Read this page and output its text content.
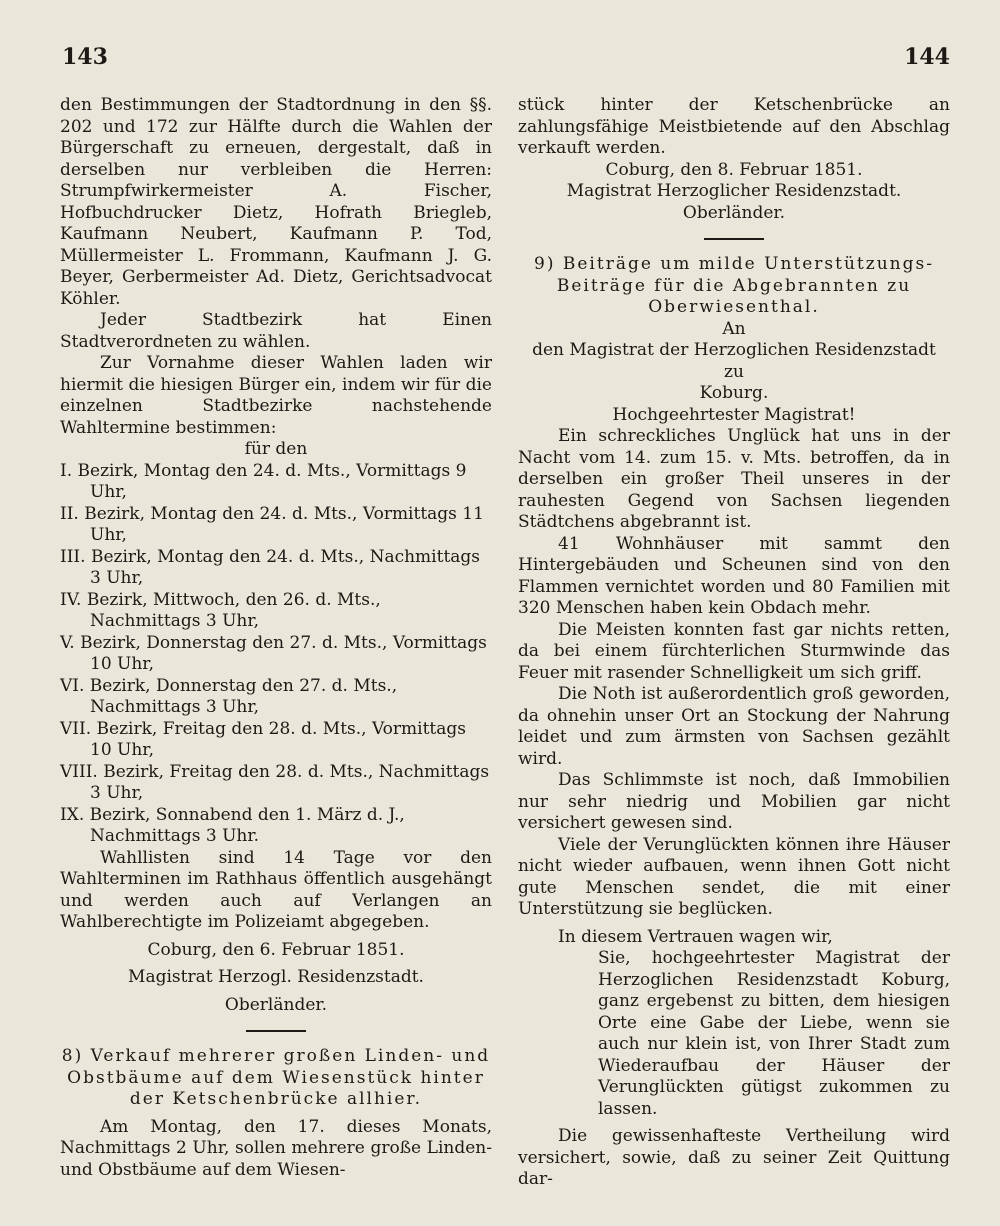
143	144

den Bestimmungen der Stadtordnung in den §§. 202 und 172 zur Hälfte durch die Wahlen der Bürgerschaft zu erneuen, dergestalt, daß in derselben nur verbleiben die Herren: Strumpfwirkermeister A. Fischer, Hofbuchdrucker Dietz, Hofrath Briegleb, Kaufmann Neubert, Kaufmann P. Tod, Müllermeister L. Frommann, Kaufmann J. G. Beyer, Gerbermeister Ad. Dietz, Gerichtsadvocat Köhler.

Jeder Stadtbezirk hat Einen Stadtverordneten zu wählen.

Zur Vornahme dieser Wahlen laden wir hiermit die hiesigen Bürger ein, indem wir für die einzelnen Stadtbezirke nachstehende Wahltermine bestimmen:

für den

I. Bezirk, Montag den 24. d. Mts., Vormittags 9 Uhr,

II. Bezirk, Montag den 24. d. Mts., Vormittags 11 Uhr,

III. Bezirk, Montag den 24. d. Mts., Nachmittags 3 Uhr,

IV. Bezirk, Mittwoch, den 26. d. Mts., Nachmittags 3 Uhr,

V. Bezirk, Donnerstag den 27. d. Mts., Vormittags 10 Uhr,

VI. Bezirk, Donnerstag den 27. d. Mts., Nachmittags 3 Uhr,

VII. Bezirk, Freitag den 28. d. Mts., Vormittags 10 Uhr,

VIII. Bezirk, Freitag den 28. d. Mts., Nachmittags 3 Uhr,

IX. Bezirk, Sonnabend den 1. März d. J., Nachmittags 3 Uhr.

Wahllisten sind 14 Tage vor den Wahlterminen im Rathhaus öffentlich ausgehängt und werden auch auf Verlangen an Wahlberechtigte im Polizeiamt abgegeben.

Coburg, den 6. Februar 1851.

Magistrat Herzogl. Residenzstadt.

Oberländer.

8) Verkauf mehrerer großen Linden- und Obstbäume auf dem Wiesenstück hinter der Ketschenbrücke allhier.

Am Montag, den 17. dieses Monats, Nachmittags 2 Uhr, sollen mehrere große Linden- und Obstbäume auf dem Wiesen-

stück hinter der Ketschenbrücke an zahlungsfähige Meistbietende auf den Abschlag verkauft werden.

Coburg, den 8. Februar 1851.

Magistrat Herzoglicher Residenzstadt.

Oberländer.

9) Beiträge um milde Unterstützungs-Beiträge für die Abgebrannten zu Oberwiesenthal.

An

den Magistrat der Herzoglichen Residenzstadt

zu

Koburg.

Hochgeehrtester Magistrat!

Ein schreckliches Unglück hat uns in der Nacht vom 14. zum 15. v. Mts. betroffen, da in derselben ein großer Theil unseres in der rauhesten Gegend von Sachsen liegenden Städtchens abgebrannt ist.

41 Wohnhäuser mit sammt den Hintergebäuden und Scheunen sind von den Flammen vernichtet worden und 80 Familien mit 320 Menschen haben kein Obdach mehr.

Die Meisten konnten fast gar nichts retten, da bei einem fürchterlichen Sturmwinde das Feuer mit rasender Schnelligkeit um sich griff.

Die Noth ist außerordentlich groß geworden, da ohnehin unser Ort an Stockung der Nahrung leidet und zum ärmsten von Sachsen gezählt wird.

Das Schlimmste ist noch, daß Immobilien nur sehr niedrig und Mobilien gar nicht versichert gewesen sind.

Viele der Verunglückten können ihre Häuser nicht wieder aufbauen, wenn ihnen Gott nicht gute Menschen sendet, die mit einer Unterstützung sie beglücken.

In diesem Vertrauen wagen wir,

Sie, hochgeehrtester Magistrat der Herzoglichen Residenzstadt Koburg, ganz ergebenst zu bitten, dem hiesigen Orte eine Gabe der Liebe, wenn sie auch nur klein ist, von Ihrer Stadt zum Wiederaufbau der Häuser der Verunglückten gütigst zukommen zu lassen.

Die gewissenhafteste Vertheilung wird versichert, sowie, daß zu seiner Zeit Quittung dar-
